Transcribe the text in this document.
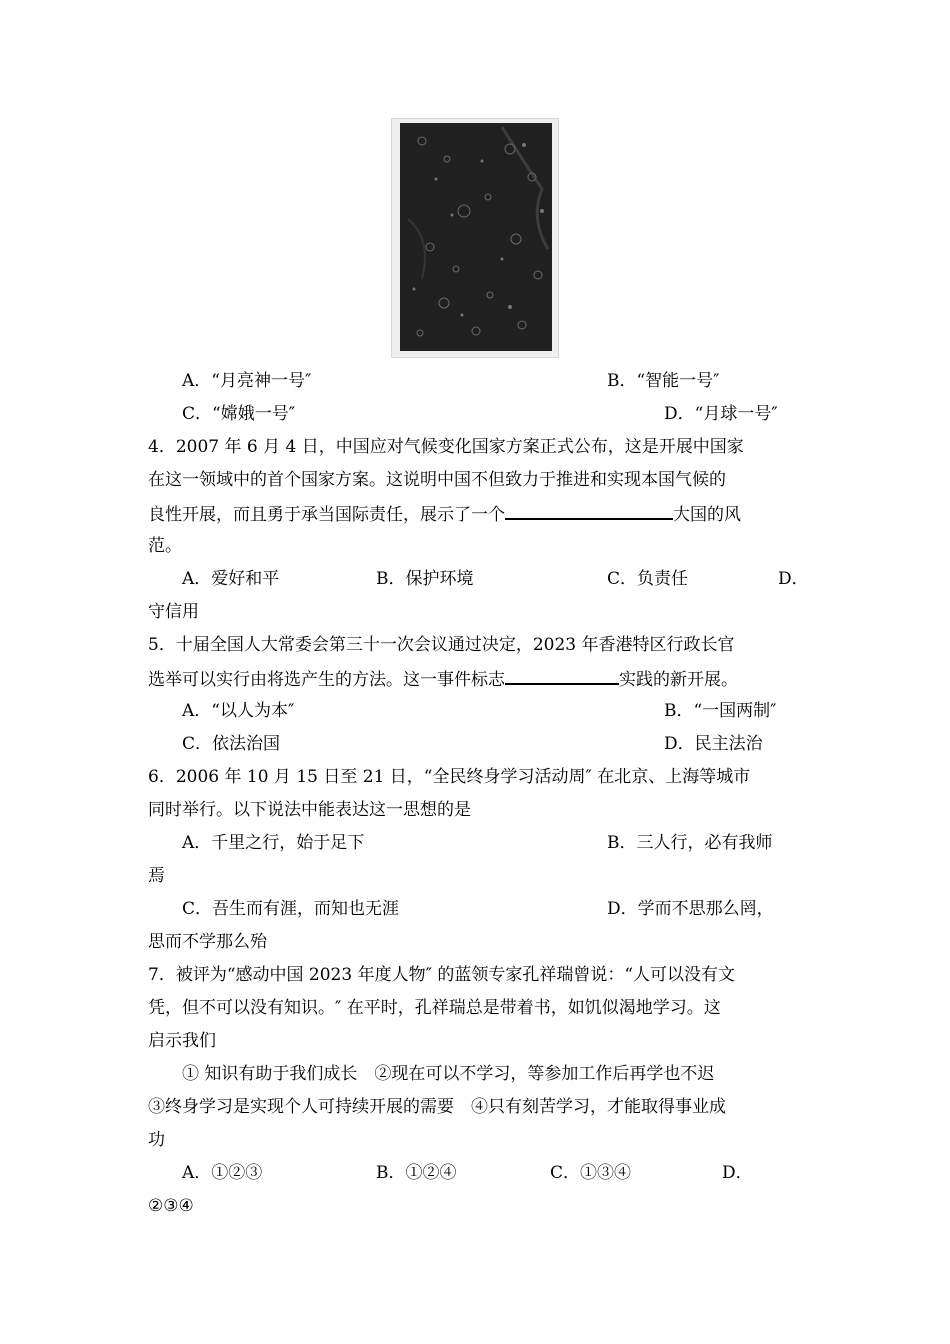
A．“月亮神一号″	B．“智能一号″
C．“嫦娥一号″	D．“月球一号″
4．2007 年 6 月 4 日，中国应对气候变化国家方案正式公布，这是开展中国家
在这一领域中的首个国家方案。这说明中国不但致力于推进和实现本国气候的
良性开展，而且勇于承当国际责任，展示了一个	大国的风
范。
A．爱好和平	B．保护环境	C．负责任	D．
守信用
5．十届全国人大常委会第三十一次会议通过决定，2023 年香港特区行政长官
选举可以实行由将选产生的方法。这一事件标志	实践的新开展。
A．“以人为本″	B．“一国两制″
C．依法治国	D．民主法治
6．2006 年 10 月 15 日至 21 日，“全民终身学习活动周″ 在北京、上海等城市
同时举行。以下说法中能表达这一思想的是
A．千里之行，始于足下	B．三人行，必有我师
焉
C．吾生而有涯，而知也无涯	D．学而不思那么罔，
思而不学那么殆
7．被评为“感动中国 2023 年度人物″ 的蓝领专家孔祥瑞曾说：“人可以没有文
凭，但不可以没有知识。″ 在平时，孔祥瑞总是带着书，如饥似渴地学习。这
启示我们
① 知识有助于我们成长　②现在可以不学习，等参加工作后再学也不迟
③终身学习是实现个人可持续开展的需要　④只有刻苦学习，才能取得事业成
功
A．①②③	B．①②④	C．①③④	D．
②③④
